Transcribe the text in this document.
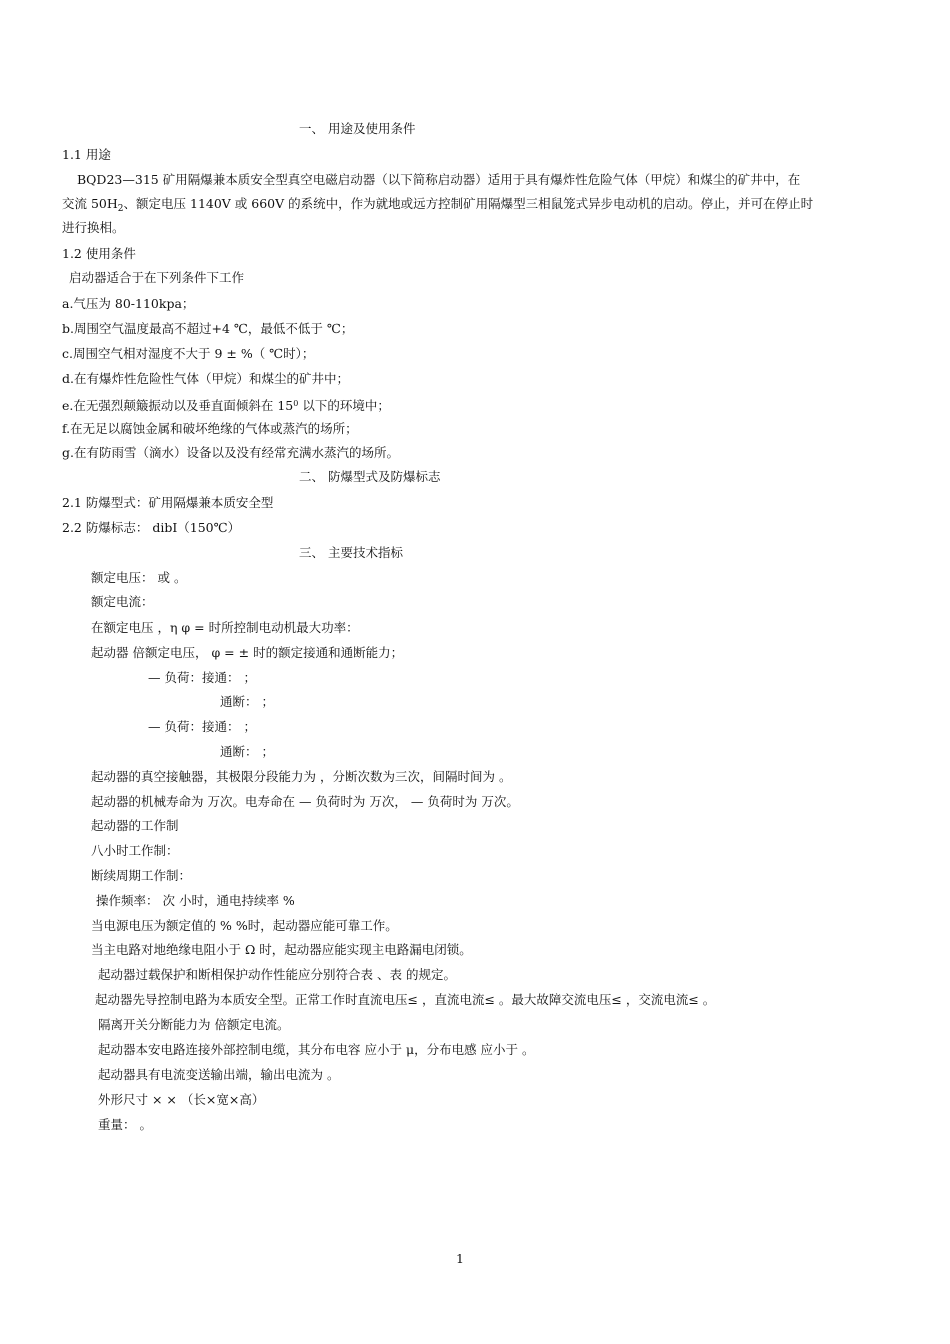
一、 用途及使用条件
1.1 用途
BQD23—315 矿用隔爆兼本质安全型真空电磁启动器（以下简称启动器）适用于具有爆炸性危险气体（甲烷）和煤尘的矿井中，在
交流 $50H_2$、额定电压 1140V 或 660V 的系统中，作为就地或远方控制矿用隔爆型三相鼠笼式异步电动机的启动。停止，并可在停止时
进行换相。
1.2 使用条件
启动器适合于在下列条件下工作
a.气压为 80-110kpa；
b.周围空气温度最高不超过+4 ℃，最低不低于 ℃；
c.周围空气相对湿度不大于 9 ± %（ ℃时）；
d.在有爆炸性危险性气体（甲烷）和煤尘的矿井中；
e.在无强烈颠簸振动以及垂直面倾斜在 $15^0$ 以下的环境中；
f.在无足以腐蚀金属和破坏绝缘的气体或蒸汽的场所；
g.在有防雨雪（滴水）设备以及没有经常充满水蒸汽的场所。
二、 防爆型式及防爆标志
2.1 防爆型式：矿用隔爆兼本质安全型
2.2 防爆标志： dibI（150℃）
三、 主要技术指标
额定电压： 或 。
额定电流：
在额定电压 ，η φ = 时所控制电动机最大功率：
起动器 倍额定电压， φ = ± 时的额定接通和通断能力；
— 负荷：接通： ；
通断： ；
— 负荷：接通： ；
通断： ；
起动器的真空接触器，其极限分段能力为 ，分断次数为三次，间隔时间为 。
起动器的机械寿命为 万次。电寿命在 — 负荷时为 万次， — 负荷时为 万次。
起动器的工作制
八小时工作制：
断续周期工作制：
操作频率： 次 小时，通电持续率 %
当电源电压为额定值的 % %时，起动器应能可靠工作。
当主电路对地绝缘电阻小于 Ω 时，起动器应能实现主电路漏电闭锁。
起动器过载保护和断相保护动作性能应分别符合表 、表 的规定。
起动器先导控制电路为本质安全型。正常工作时直流电压≤ ，直流电流≤ 。最大故障交流电压≤ ，交流电流≤ 。
隔离开关分断能力为 倍额定电流。
起动器本安电路连接外部控制电缆，其分布电容 应小于 μ，分布电感 应小于 。
起动器具有电流变送输出端，输出电流为 。
外形尺寸 × × （长×宽×高）
重量： 。
1
